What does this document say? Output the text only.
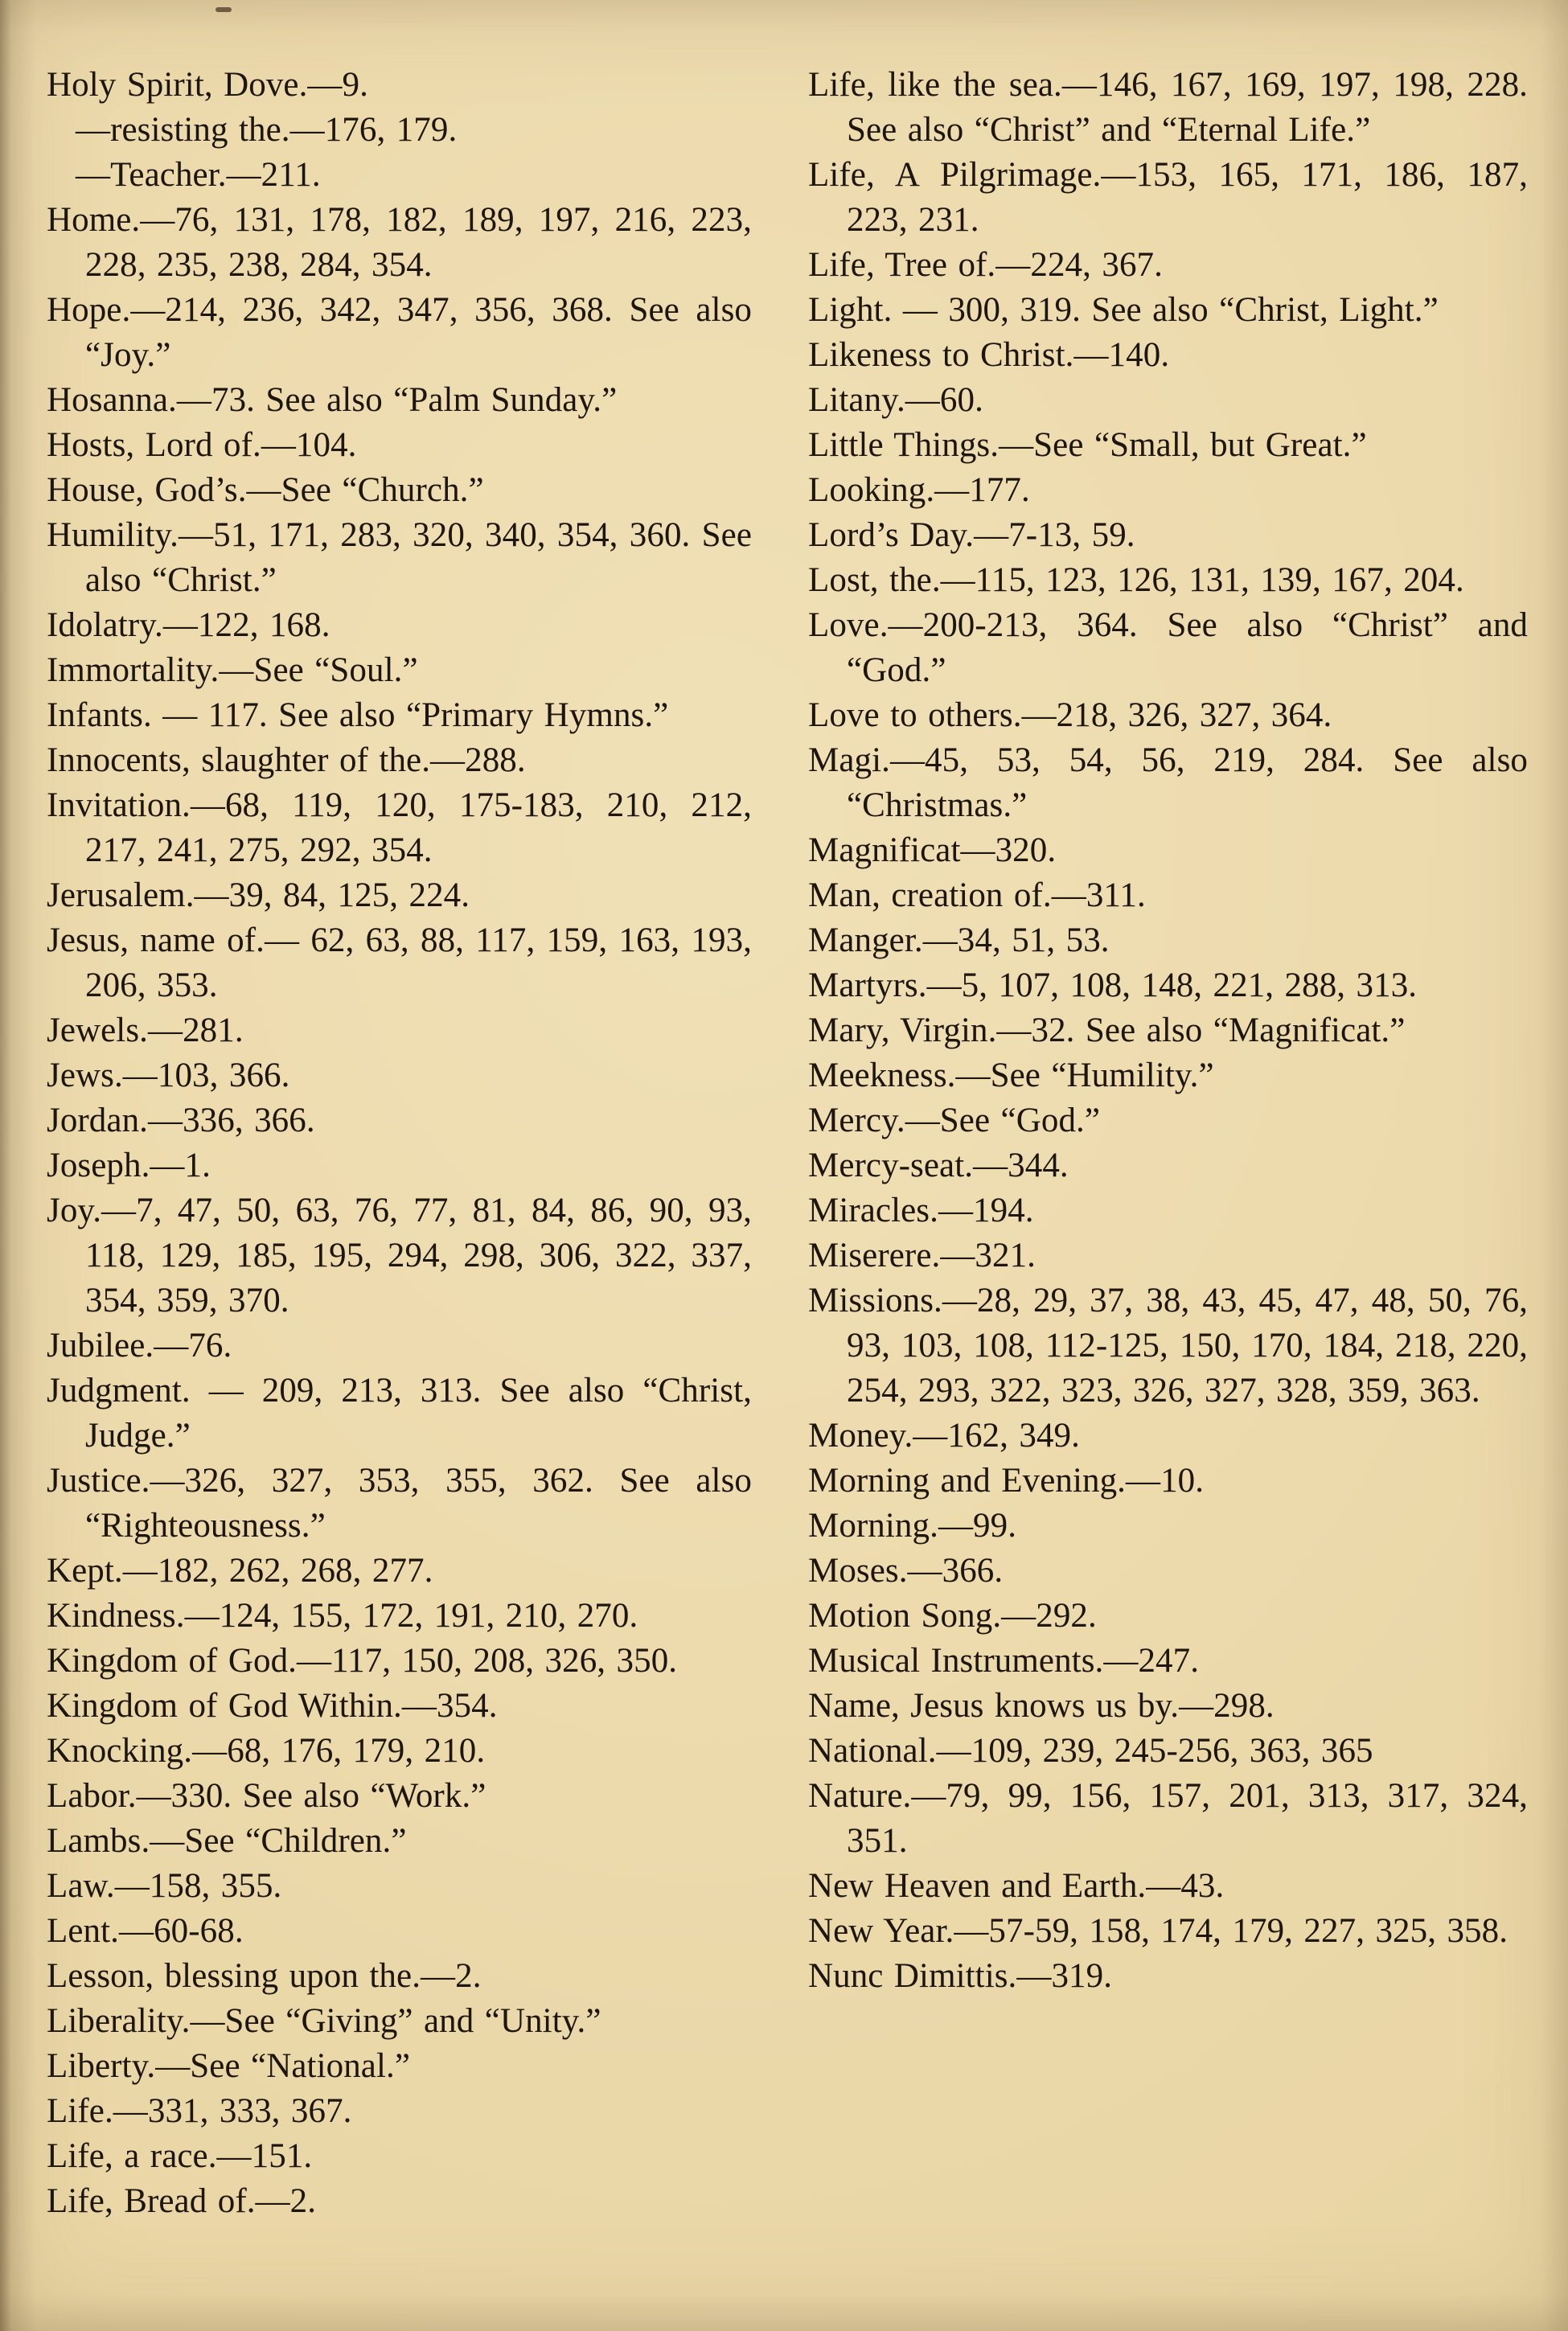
Holy Spirit, Dove.—9.

—resisting the.—176, 179.

—Teacher.—211.

Home.—76, 131, 178, 182, 189, 197, 216, 223, 228, 235, 238, 284, 354.

Hope.—214, 236, 342, 347, 356, 368. See also “Joy.”

Hosanna.—73. See also “Palm Sunday.”

Hosts, Lord of.—104.

House, God’s.—See “Church.”

Humility.—51, 171, 283, 320, 340, 354, 360. See also “Christ.”

Idolatry.—122, 168.

Immortality.—See “Soul.”

Infants. — 117. See also “Primary Hymns.”

Innocents, slaughter of the.—288.

Invitation.—68, 119, 120, 175-183, 210, 212, 217, 241, 275, 292, 354.

Jerusalem.—39, 84, 125, 224.

Jesus, name of.— 62, 63, 88, 117, 159, 163, 193, 206, 353.

Jewels.—281.

Jews.—103, 366.

Jordan.—336, 366.

Joseph.—1.

Joy.—7, 47, 50, 63, 76, 77, 81, 84, 86, 90, 93, 118, 129, 185, 195, 294, 298, 306, 322, 337, 354, 359, 370.

Jubilee.—76.

Judgment. — 209, 213, 313. See also “Christ, Judge.”

Justice.—326, 327, 353, 355, 362. See also “Righteousness.”

Kept.—182, 262, 268, 277.

Kindness.—124, 155, 172, 191, 210, 270.

Kingdom of God.—117, 150, 208, 326, 350.

Kingdom of God Within.—354.

Knocking.—68, 176, 179, 210.

Labor.—330. See also “Work.”

Lambs.—See “Children.”

Law.—158, 355.

Lent.—60-68.

Lesson, blessing upon the.—2.

Liberality.—See “Giving” and “Unity.”

Liberty.—See “National.”

Life.—331, 333, 367.

Life, a race.—151.

Life, Bread of.—2.

Life, like the sea.—146, 167, 169, 197, 198, 228. See also “Christ” and “Eternal Life.”

Life, A Pilgrimage.—153, 165, 171, 186, 187, 223, 231.

Life, Tree of.—224, 367.

Light. — 300, 319. See also “Christ, Light.”

Likeness to Christ.—140.

Litany.—60.

Little Things.—See “Small, but Great.”

Looking.—177.

Lord’s Day.—7-13, 59.

Lost, the.—115, 123, 126, 131, 139, 167, 204.

Love.—200-213, 364. See also “Christ” and “God.”

Love to others.—218, 326, 327, 364.

Magi.—45, 53, 54, 56, 219, 284. See also “Christmas.”

Magnificat—320.

Man, creation of.—311.

Manger.—34, 51, 53.

Martyrs.—5, 107, 108, 148, 221, 288, 313.

Mary, Virgin.—32. See also “Magnificat.”

Meekness.—See “Humility.”

Mercy.—See “God.”

Mercy-seat.—344.

Miracles.—194.

Miserere.—321.

Missions.—28, 29, 37, 38, 43, 45, 47, 48, 50, 76, 93, 103, 108, 112-125, 150, 170, 184, 218, 220, 254, 293, 322, 323, 326, 327, 328, 359, 363.

Money.—162, 349.

Morning and Evening.—10.

Morning.—99.

Moses.—366.

Motion Song.—292.

Musical Instruments.—247.

Name, Jesus knows us by.—298.

National.—109, 239, 245-256, 363, 365

Nature.—79, 99, 156, 157, 201, 313, 317, 324, 351.

New Heaven and Earth.—43.

New Year.—57-59, 158, 174, 179, 227, 325, 358.

Nunc Dimittis.—319.
